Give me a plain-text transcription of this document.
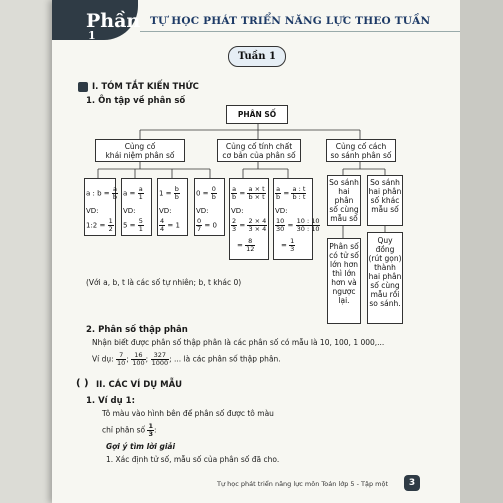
Phần
1
TỰ HỌC PHÁT TRIỂN NĂNG LỰC THEO TUẦN
Tuần 1
I. TÓM TẮT KIẾN THỨC
1. Ôn tập về phân số
PHÂN SỐ
Củng cố
khái niệm phân số
Củng cố tính chất
cơ bản của phân số
Củng cố cách
so sánh phân số
a : $b = \frac{a}{b}$ $a = \frac{a}{1} 1 = \frac{b}{b} 0 = \frac{0}{b}$
VD:	VD:	VD:	VD:
1:2 = $\frac{1}{2} 5 = \frac{5}{1} \frac{4}{4} = 1 \frac{0}{7} = 0$
$\frac{a}{b} = \frac{a \times t}{b \times t} \frac{a}{b} = \frac{a : t}{b : t}$
VD:	VD:
$\frac{2}{3} = \frac{2 \times 4}{3 \times 4}$
= $\frac{8}{12}$
$\frac{10}{30} = \frac{10 : 10}{30 : 10}$
= $\frac{1}{3}$
So sánh
hai phân
số cùng
mẫu số
So sánh
hai phân
số khác
mẫu số
Phân số
có tử số
lớn hơn
thì lớn
hơn và
ngược
lại.
Quy
đồng
(rút gọn)
thành
hai phân
số cùng
mẫu rồi
so sánh.
(Với a, b, t là các số tự nhiên; b, t khác 0)
2. Phân số thập phân
Nhận biết được phân số thập phân là các phân số có mẫu là 10, 100, 1 000,...
Ví dụ: $\frac{7}{10}$ ; $\frac{16}{100}$ ; $\frac{327}{1000}$ ; ... là các phân số thập phân.
( ) II. CÁC VÍ DỤ MẪU
1. Ví dụ 1:
Tô màu vào hình bên để phân số được tô màu
chỉ phân số $\frac{1}{3}$ :
Gợi ý tìm lời giải
1. Xác định tử số, mẫu số của phân số đã cho.
Tự học phát triển năng lực môn Toán lớp 5 - Tập một	3
